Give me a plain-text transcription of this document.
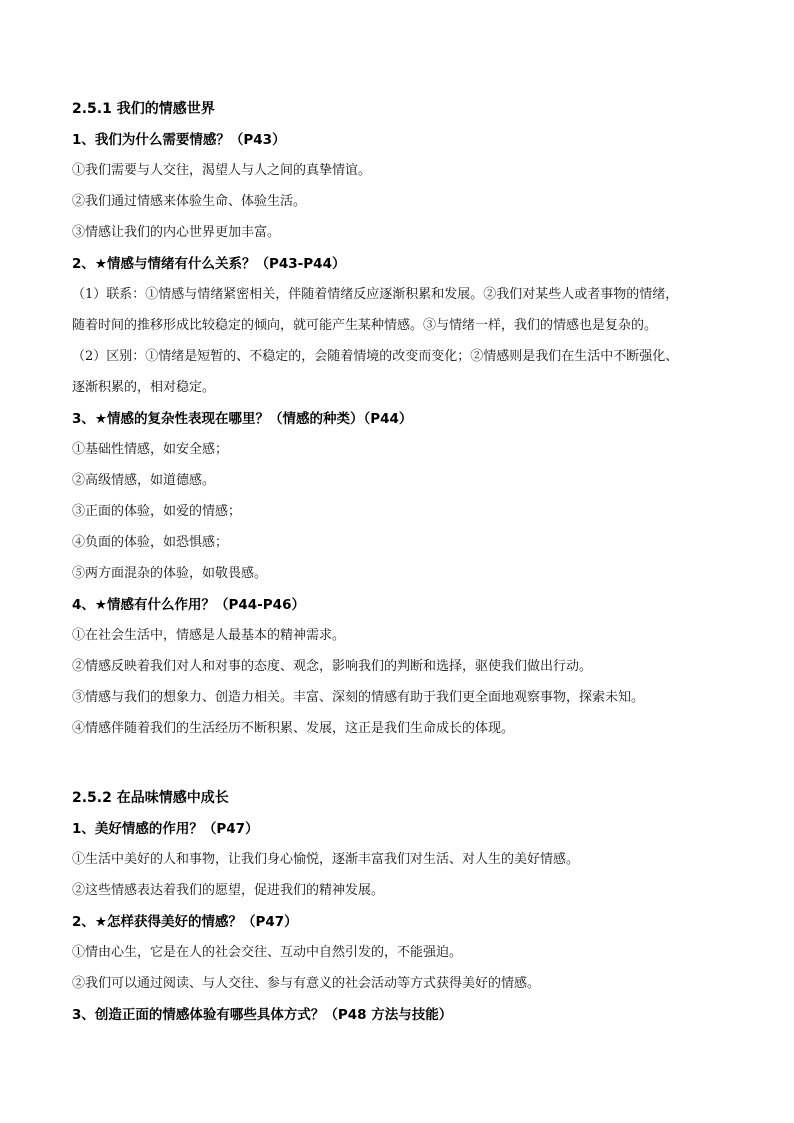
2.5.1 我们的情感世界
1、我们为什么需要情感？（P43）
①我们需要与人交往，渴望人与人之间的真挚情谊。
②我们通过情感来体验生命、体验生活。
③情感让我们的内心世界更加丰富。
2、★情感与情绪有什么关系？（P43-P44）
（1）联系：①情感与情绪紧密相关，伴随着情绪反应逐渐积累和发展。②我们对某些人或者事物的情绪，
随着时间的推移形成比较稳定的倾向，就可能产生某种情感。③与情绪一样，我们的情感也是复杂的。
（2）区别：①情绪是短暂的、不稳定的，会随着情境的改变而变化；②情感则是我们在生活中不断强化、
逐渐积累的，相对稳定。
3、★情感的复杂性表现在哪里？（情感的种类）（P44）
①基础性情感，如安全感；
②高级情感，如道德感。
③正面的体验，如爱的情感；
④负面的体验，如恐惧感；
⑤两方面混杂的体验，如敬畏感。
4、★情感有什么作用？（P44-P46）
①在社会生活中，情感是人最基本的精神需求。
②情感反映着我们对人和对事的态度、观念，影响我们的判断和选择，驱使我们做出行动。
③情感与我们的想象力、创造力相关。丰富、深刻的情感有助于我们更全面地观察事物，探索未知。
④情感伴随着我们的生活经历不断积累、发展，这正是我们生命成长的体现。
2.5.2 在品味情感中成长
1、美好情感的作用？（P47）
①生活中美好的人和事物，让我们身心愉悦，逐渐丰富我们对生活、对人生的美好情感。
②这些情感表达着我们的愿望，促进我们的精神发展。
2、★怎样获得美好的情感？（P47）
①情由心生，它是在人的社会交往、互动中自然引发的，不能强迫。
②我们可以通过阅读、与人交往、参与有意义的社会活动等方式获得美好的情感。
3、创造正面的情感体验有哪些具体方式？（P48 方法与技能）
